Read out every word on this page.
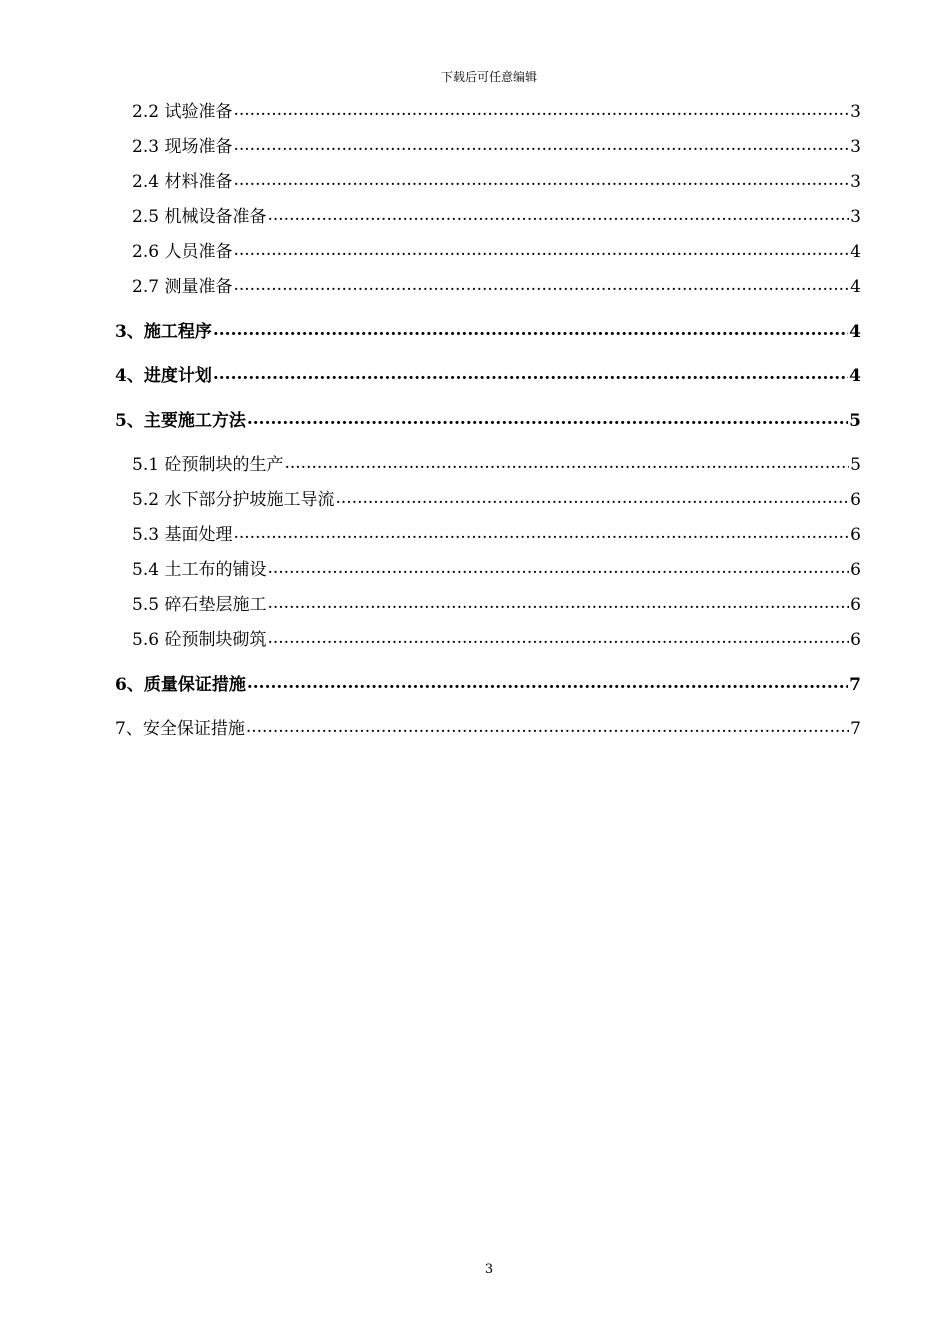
下载后可任意编辑
2.2 试验准备 .....	3
2.3 现场准备 .....	3
2.4 材料准备 .....	3
2.5 机械设备准备 .....	3
2.6 人员准备 .....	4
2.7 测量准备 .....	4
3、施工程序 .....	4
4、进度计划 .....	4
5、主要施工方法 .....	5
5.1 砼预制块的生产 .....	5
5.2 水下部分护坡施工导流 .....	6
5.3 基面处理 .....	6
5.4 土工布的铺设 .....	6
5.5 碎石垫层施工 .....	6
5.6 砼预制块砌筑 .....	6
6、质量保证措施 .....	7
7、安全保证措施 .....	7
3
